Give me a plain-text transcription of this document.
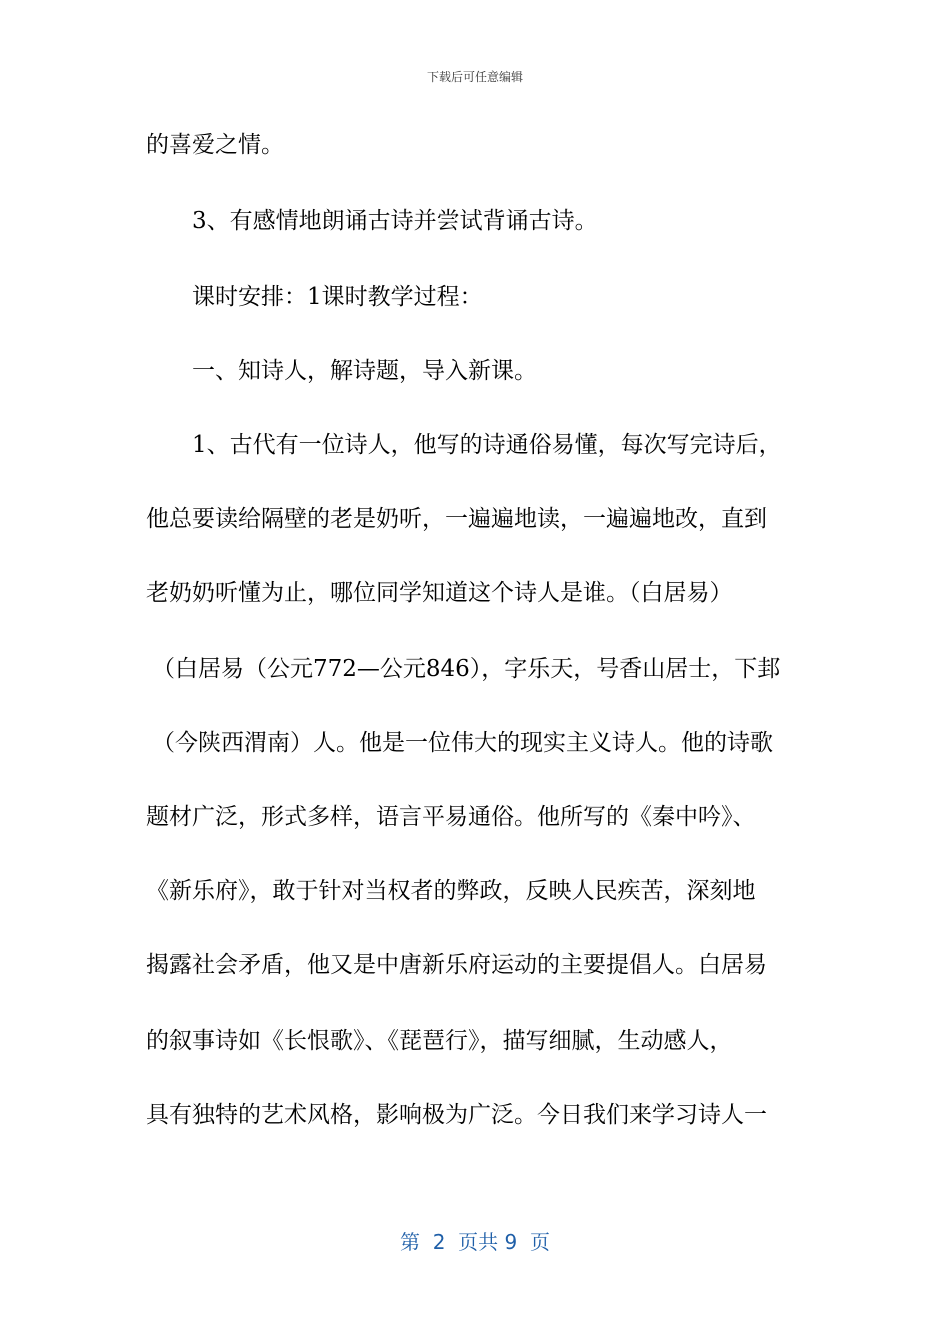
下载后可任意编辑
的喜爱之情。
3、有感情地朗诵古诗并尝试背诵古诗。
课时安排：1课时教学过程：
一、知诗人，解诗题，导入新课。
1、古代有一位诗人，他写的诗通俗易懂，每次写完诗后，
他总要读给隔壁的老是奶听，一遍遍地读，一遍遍地改，直到
老奶奶听懂为止，哪位同学知道这个诗人是谁。（白居易）
（白居易（公元772—公元846），字乐天，号香山居士，下邽
（今陕西渭南）人。他是一位伟大的现实主义诗人。他的诗歌
题材广泛，形式多样，语言平易通俗。他所写的《秦中吟》、
《新乐府》，敢于针对当权者的弊政，反映人民疾苦，深刻地
揭露社会矛盾，他又是中唐新乐府运动的主要提倡人。白居易
的叙事诗如《长恨歌》、《琵琶行》，描写细腻，生动感人，
具有独特的艺术风格，影响极为广泛。今日我们来学习诗人一
第  2  页共 9  页
